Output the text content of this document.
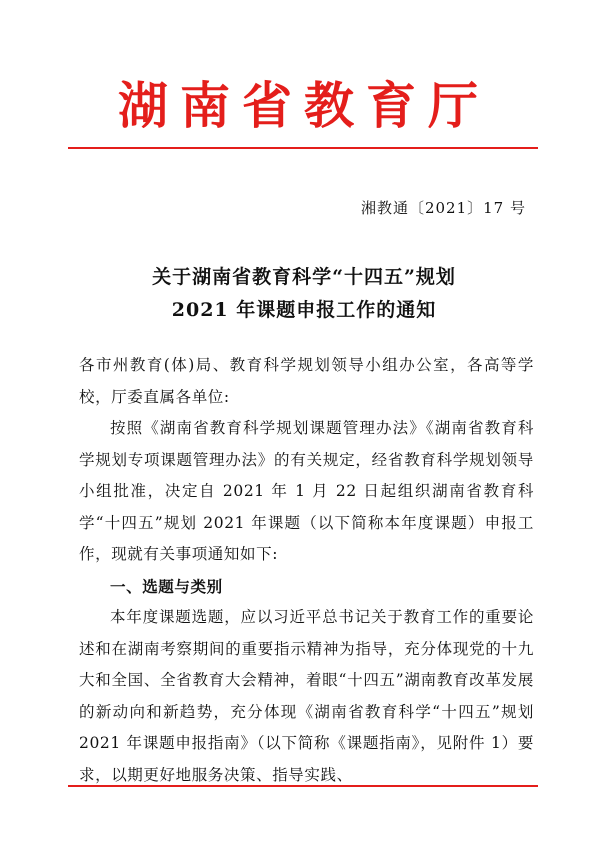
湖南省教育厅
湘教通〔2021〕17 号
关于湖南省教育科学“十四五”规划
2021 年课题申报工作的通知

各市州教育(体)局、教育科学规划领导小组办公室，各高等学校，厅委直属各单位:

按照《湖南省教育科学规划课题管理办法》《湖南省教育科学规划专项课题管理办法》的有关规定，经省教育科学规划领导小组批准，决定自 2021 年 1 月 22 日起组织湖南省教育科学“十四五”规划 2021 年课题（以下简称本年度课题）申报工作，现就有关事项通知如下:

一、选题与类别

本年度课题选题，应以习近平总书记关于教育工作的重要论述和在湖南考察期间的重要指示精神为指导，充分体现党的十九大和全国、全省教育大会精神，着眼“十四五”湖南教育改革发展的新动向和新趋势，充分体现《湖南省教育科学“十四五”规划 2021 年课题申报指南》（以下简称《课题指南》，见附件 1）要求，以期更好地服务决策、指导实践、
